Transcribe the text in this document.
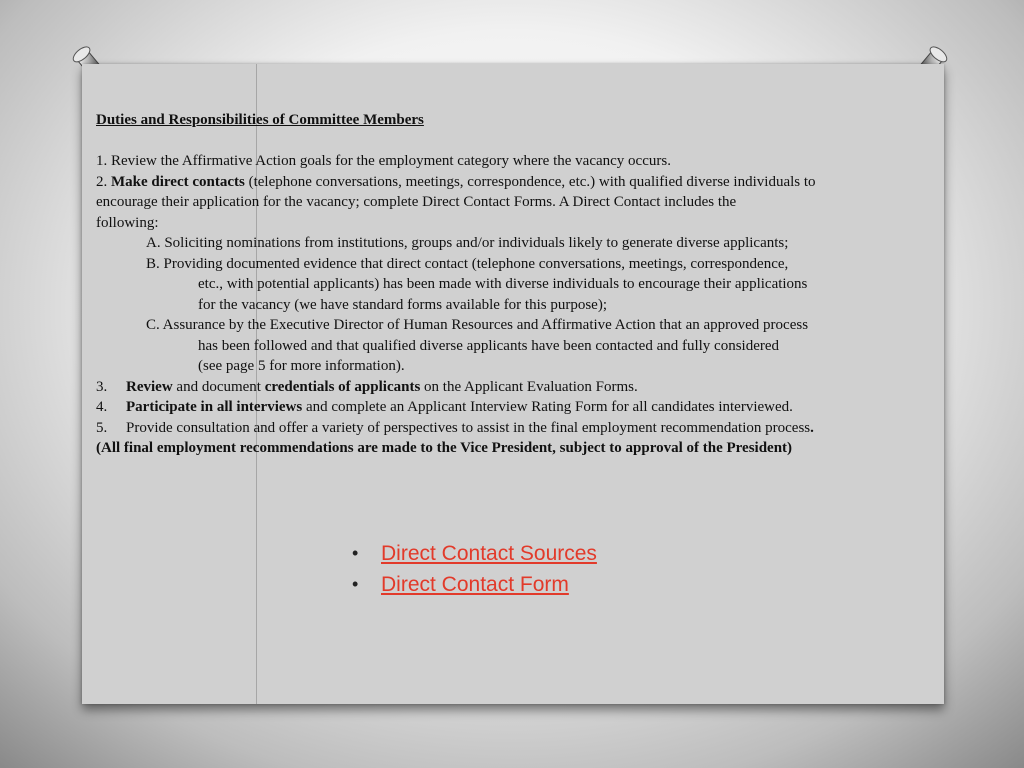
Duties and Responsibilities of Committee Members

1. Review the Affirmative Action goals for the employment category where the vacancy occurs.

2. Make direct contacts (telephone conversations, meetings, correspondence, etc.) with qualified diverse individuals to

encourage their application for the vacancy; complete Direct Contact Forms. A Direct Contact includes the

following:

A. Soliciting nominations from institutions, groups and/or individuals likely to generate diverse applicants;

B. Providing documented evidence that direct contact (telephone conversations, meetings, correspondence,

etc., with potential applicants) has been made with diverse individuals to encourage their applications

for the vacancy (we have standard forms available for this purpose);

C. Assurance by the Executive Director of Human Resources and Affirmative Action that an approved process

has been followed and that qualified diverse applicants have been contacted and fully considered

(see page 5 for more information).

3. Review and document credentials of applicants on the Applicant Evaluation Forms.

4. Participate in all interviews and complete an Applicant Interview Rating Form for all candidates interviewed.

5. Provide consultation and offer a variety of perspectives to assist in the final employment recommendation process.

(All final employment recommendations are made to the Vice President, subject to approval of the President)

•	Direct Contact Sources
•	Direct Contact Form
